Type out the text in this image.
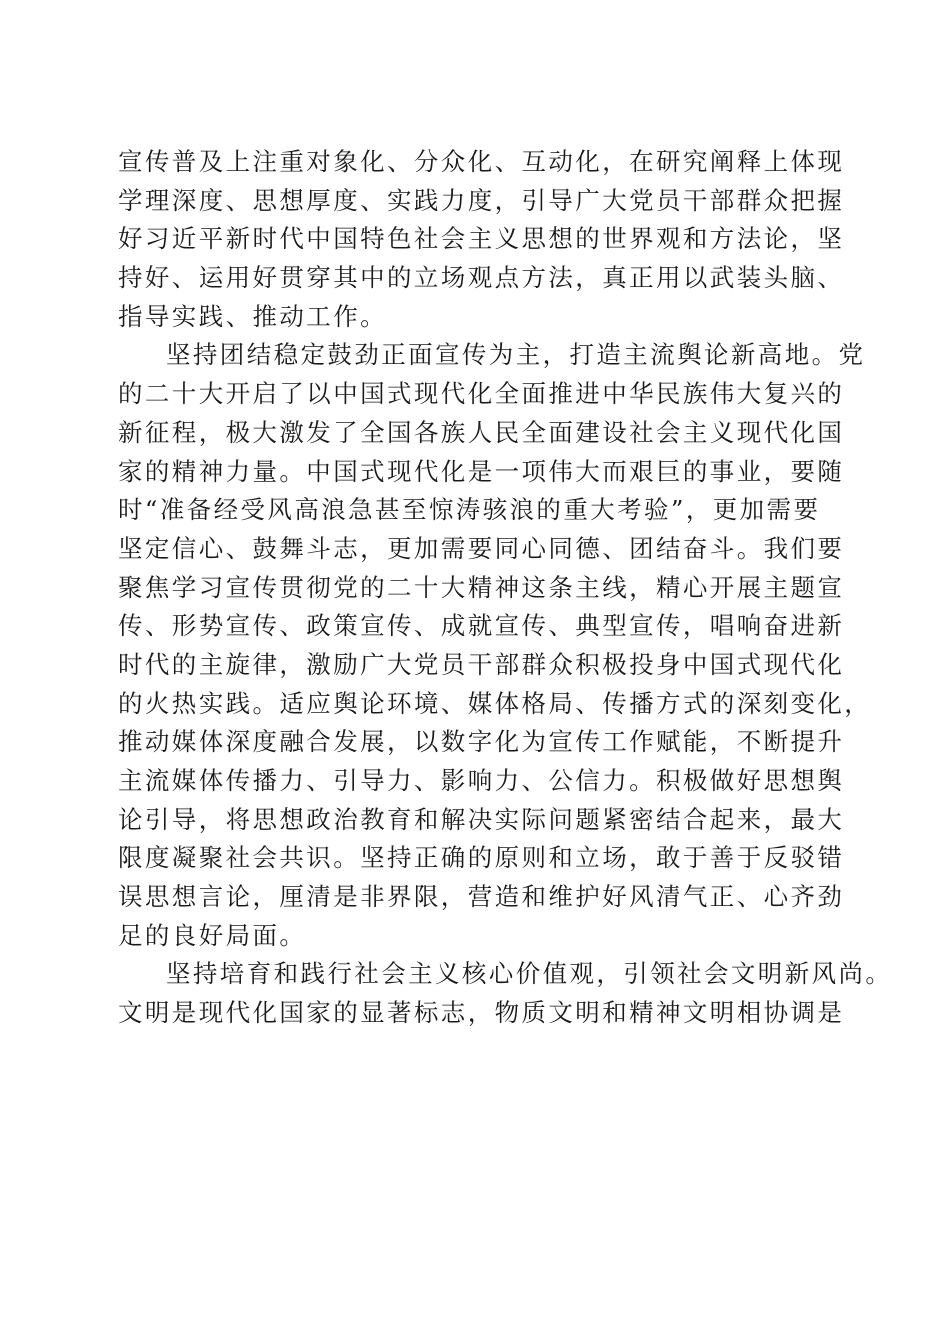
宣传普及上注重对象化、分众化、互动化，在研究阐释上体现
学理深度、思想厚度、实践力度，引导广大党员干部群众把握
好习近平新时代中国特色社会主义思想的世界观和方法论，坚
持好、运用好贯穿其中的立场观点方法，真正用以武装头脑、
指导实践、推动工作。
坚持团结稳定鼓劲正面宣传为主，打造主流舆论新高地。党
的二十大开启了以中国式现代化全面推进中华民族伟大复兴的
新征程，极大激发了全国各族人民全面建设社会主义现代化国
家的精神力量。中国式现代化是一项伟大而艰巨的事业，要随
时“准备经受风高浪急甚至惊涛骇浪的重大考验”，更加需要
坚定信心、鼓舞斗志，更加需要同心同德、团结奋斗。我们要
聚焦学习宣传贯彻党的二十大精神这条主线，精心开展主题宣
传、形势宣传、政策宣传、成就宣传、典型宣传，唱响奋进新
时代的主旋律，激励广大党员干部群众积极投身中国式现代化
的火热实践。适应舆论环境、媒体格局、传播方式的深刻变化，
推动媒体深度融合发展，以数字化为宣传工作赋能，不断提升
主流媒体传播力、引导力、影响力、公信力。积极做好思想舆
论引导，将思想政治教育和解决实际问题紧密结合起来，最大
限度凝聚社会共识。坚持正确的原则和立场，敢于善于反驳错
误思想言论，厘清是非界限，营造和维护好风清气正、心齐劲
足的良好局面。
坚持培育和践行社会主义核心价值观，引领社会文明新风尚。
文明是现代化国家的显著标志，物质文明和精神文明相协调是
